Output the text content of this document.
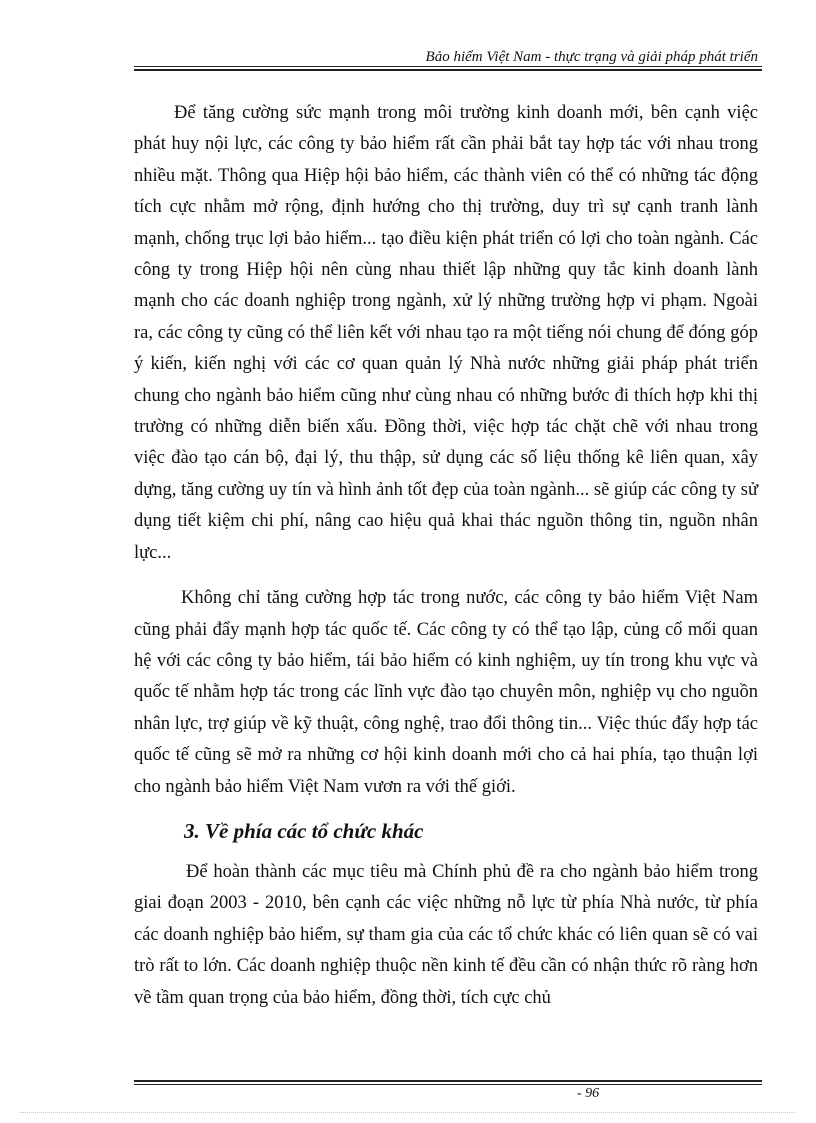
Bảo hiểm Việt Nam - thực trạng và giải pháp phát triển

Để tăng cường sức mạnh trong môi trường kinh doanh mới, bên cạnh việc phát huy nội lực, các công ty bảo hiểm rất cần phải bắt tay hợp tác với nhau trong nhiều mặt. Thông qua Hiệp hội bảo hiểm, các thành viên có thể có những tác động tích cực nhằm mở rộng, định hướng cho thị trường, duy trì sự cạnh tranh lành mạnh, chống trục lợi bảo hiểm... tạo điều kiện phát triển có lợi cho toàn ngành. Các công ty trong Hiệp hội nên cùng nhau thiết lập những quy tắc kinh doanh lành mạnh cho các doanh nghiệp trong ngành, xử lý những trường hợp vi phạm. Ngoài ra, các công ty cũng có thể liên kết với nhau tạo ra một tiếng nói chung để đóng góp ý kiến, kiến nghị với các cơ quan quản lý Nhà nước những giải pháp phát triển chung cho ngành bảo hiểm cũng như cùng nhau có những bước đi thích hợp khi thị trường có những diễn biến xấu. Đồng thời, việc hợp tác chặt chẽ với nhau trong việc đào tạo cán bộ, đại lý, thu thập, sử dụng các số liệu thống kê liên quan, xây dựng, tăng cường uy tín và hình ảnh tốt đẹp của toàn ngành... sẽ giúp các công ty sử dụng tiết kiệm chi phí, nâng cao hiệu quả khai thác nguồn thông tin, nguồn nhân lực...

Không chỉ tăng cường hợp tác trong nước, các công ty bảo hiểm Việt Nam cũng phải đẩy mạnh hợp tác quốc tế. Các công ty có thể tạo lập, củng cố mối quan hệ với các công ty bảo hiểm, tái bảo hiểm có kinh nghiệm, uy tín trong khu vực và quốc tế nhằm hợp tác trong các lĩnh vực đào tạo chuyên môn, nghiệp vụ cho nguồn nhân lực, trợ giúp về kỹ thuật, công nghệ, trao đổi thông tin... Việc thúc đẩy hợp tác quốc tế cũng sẽ mở ra những cơ hội kinh doanh mới cho cả hai phía, tạo thuận lợi cho ngành bảo hiểm Việt Nam vươn ra với thế giới.

3. Về phía các tổ chức khác

Để hoàn thành các mục tiêu mà Chính phủ đề ra cho ngành bảo hiểm trong giai đoạn 2003 - 2010, bên cạnh các việc những nỗ lực từ phía Nhà nước, từ phía các doanh nghiệp bảo hiểm, sự tham gia của các tổ chức khác có liên quan sẽ có vai trò rất to lớn. Các doanh nghiệp thuộc nền kinh tế đều cần có nhận thức rõ ràng hơn về tầm quan trọng của bảo hiểm, đồng thời, tích cực chủ

- 96
